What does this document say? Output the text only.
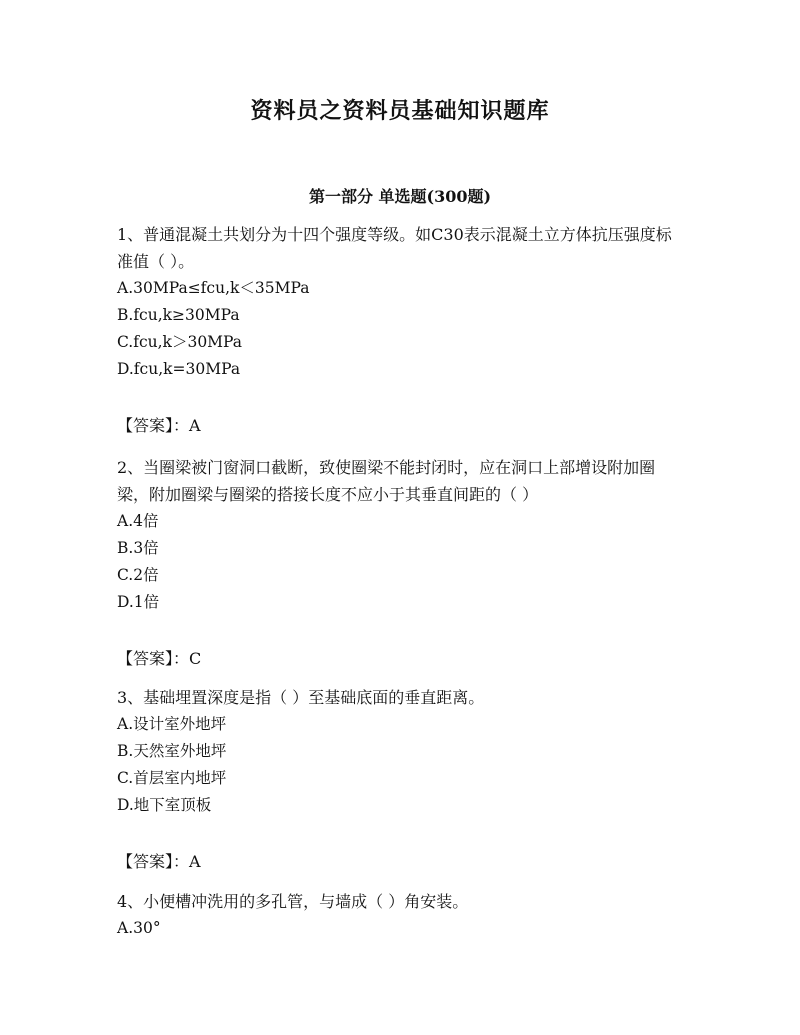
资料员之资料员基础知识题库
第一部分 单选题(300题)

1、普通混凝土共划分为十四个强度等级。如C30表示混凝土立方体抗压强度标准值（ ）。

A.30MPa≤fcu,k＜35MPa

B.fcu,k≥30MPa

C.fcu,k＞30MPa

D.fcu,k=30MPa

【答案】：A

2、当圈梁被门窗洞口截断，致使圈梁不能封闭时，应在洞口上部增设附加圈梁，附加圈梁与圈梁的搭接长度不应小于其垂直间距的（ ）

A.4倍

B.3倍

C.2倍

D.1倍

【答案】：C

3、基础埋置深度是指（ ）至基础底面的垂直距离。

A.设计室外地坪

B.天然室外地坪

C.首层室内地坪

D.地下室顶板

【答案】：A

4、小便槽冲洗用的多孔管，与墙成（ ）角安装。

A.30°
